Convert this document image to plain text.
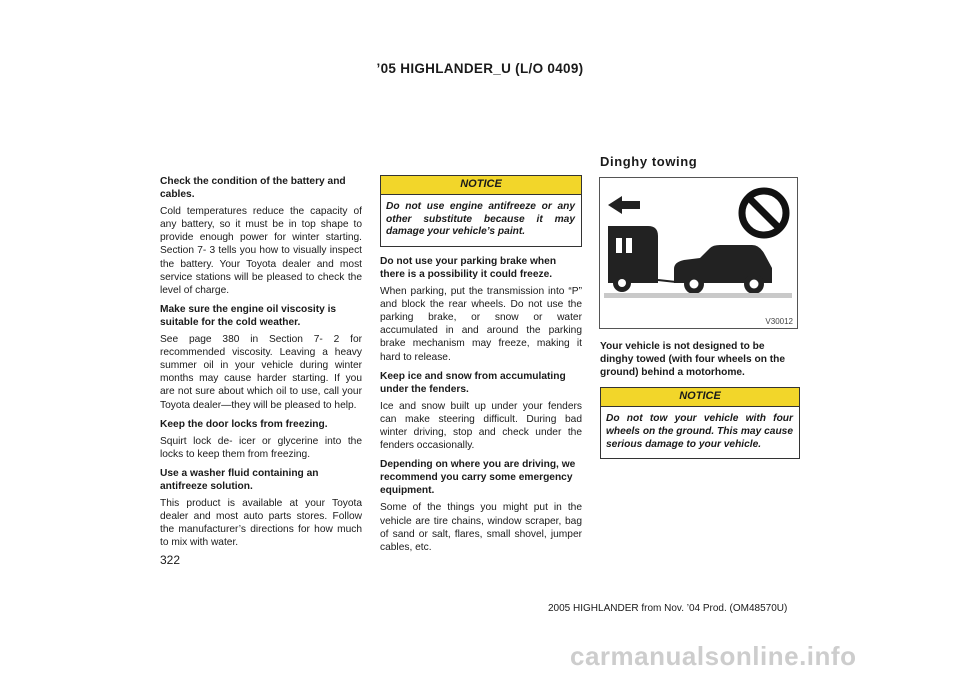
’05 HIGHLANDER_U (L/O 0409)

Check the condition of the battery and cables.

Cold temperatures reduce the capacity of any battery, so it must be in top shape to provide enough power for winter starting. Section 7- 3 tells you how to visually inspect the battery. Your Toyota dealer and most service stations will be pleased to check the level of charge.

Make sure the engine oil viscosity is suitable for the cold weather.

See page 380 in Section 7- 2 for recommended viscosity. Leaving a heavy summer oil in your vehicle during winter months may cause harder starting. If you are not sure about which oil to use, call your Toyota dealer—they will be pleased to help.

Keep the door locks from freezing.

Squirt lock de- icer or glycerine into the locks to keep them from freezing.

Use a washer fluid containing an antifreeze solution.

This product is available at your Toyota dealer and most auto parts stores. Follow the manufacturer’s directions for how much to mix with water.

NOTICE
Do not use engine antifreeze or any other substitute because it may damage your vehicle’s paint.

Do not use your parking brake when there is a possibility it could freeze.

When parking, put the transmission into “P” and block the rear wheels. Do not use the parking brake, or snow or water accumulated in and around the parking brake mechanism may freeze, making it hard to release.

Keep ice and snow from accumulating under the fenders.

Ice and snow built up under your fenders can make steering difficult. During bad winter driving, stop and check under the fenders occasionally.

Depending on where you are driving, we recommend you carry some emergency equipment.

Some of the things you might put in the vehicle are tire chains, window scraper, bag of sand or salt, flares, small shovel, jumper cables, etc.

Dinghy towing
V30012

Your vehicle is not designed to be dinghy towed (with four wheels on the ground) behind a motorhome.

NOTICE
Do not tow your vehicle with four wheels on the ground. This may cause serious damage to your vehicle.
322
2005 HIGHLANDER from Nov. ’04 Prod. (OM48570U)
carmanualsonline.info
